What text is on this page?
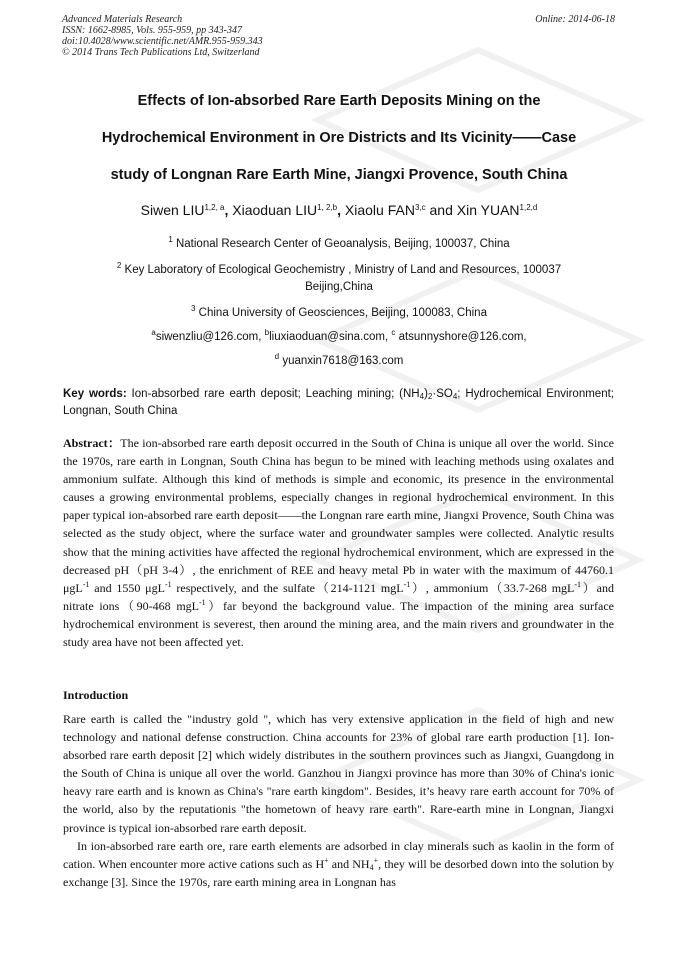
Advanced Materials Research
ISSN: 1662-8985, Vols. 955-959, pp 343-347
doi:10.4028/www.scientific.net/AMR.955-959.343
© 2014 Trans Tech Publications Ltd, Switzerland
Online: 2014-06-18
Effects of Ion-absorbed Rare Earth Deposits Mining on the
Hydrochemical Environment in Ore Districts and Its Vicinity——Case
study of Longnan Rare Earth Mine, Jiangxi Provence, South China
Siwen LIU$^{1,2, a}$, Xiaoduan LIU$^{1, 2,b}$, Xiaolu FAN$^{3,c}$ and Xin YUAN$^{1,2,d}$
$^1$ National Research Center of Geoanalysis, Beijing, 100037, China
$^2$ Key Laboratory of Ecological Geochemistry , Ministry of Land and Resources, 100037
Beijing,China
$^3$ China University of Geosciences, Beijing, 100083, China
$^a$siwenzliu@126.com, $^b$liuxiaoduan@sina.com, $^c$ atsunnyshore@126.com,
$^d$ yuanxin7618@163.com
Key words: Ion-absorbed rare earth deposit; Leaching mining; $(NH_4)_2\cdot SO_4$; Hydrochemical Environment; Longnan, South China
Abstract：The ion-absorbed rare earth deposit occurred in the South of China is unique all over the world. Since the 1970s, rare earth in Longnan, South China has begun to be mined with leaching methods using oxalates and ammonium sulfate. Although this kind of methods is simple and economic, its presence in the environmental causes a growing environmental problems, especially changes in regional hydrochemical environment. In this paper typical ion-absorbed rare earth deposit——the Longnan rare earth mine, Jiangxi Provence, South China was selected as the study object, where the surface water and groundwater samples were collected. Analytic results show that the mining activities have affected the regional hydrochemical environment, which are expressed in the decreased pH（pH 3-4）, the enrichment of REE and heavy metal Pb in water with the maximum of 44760.1 μgL$^{-1}$ and 1550 μgL$^{-1}$ respectively, and the sulfate（214-1121 mgL$^{-1}$）, ammonium（33.7-268 mgL$^{-1}$）and nitrate ions（90-468 mgL$^{-1}$）far beyond the background value. The impaction of the mining area surface hydrochemical environment is severest, then around the mining area, and the main rivers and groundwater in the study area have not been affected yet.
Introduction

Rare earth is called the "industry gold ", which has very extensive application in the field of high and new technology and national defense construction. China accounts for 23% of global rare earth production [1]. Ion-absorbed rare earth deposit [2] which widely distributes in the southern provinces such as Jiangxi, Guangdong in the South of China is unique all over the world. Ganzhou in Jiangxi province has more than 30% of China's ionic heavy rare earth and is known as China's "rare earth kingdom". Besides, it’s heavy rare earth account for 70% of the world, also by the reputationis "the hometown of heavy rare earth". Rare-earth mine in Longnan, Jiangxi province is typical ion-absorbed rare earth deposit.

In ion-absorbed rare earth ore, rare earth elements are adsorbed in clay minerals such as kaolin in the form of cation. When encounter more active cations such as H+ and $NH_4^+$, they will be desorbed down into the solution by exchange [3]. Since the 1970s, rare earth mining area in Longnan has
